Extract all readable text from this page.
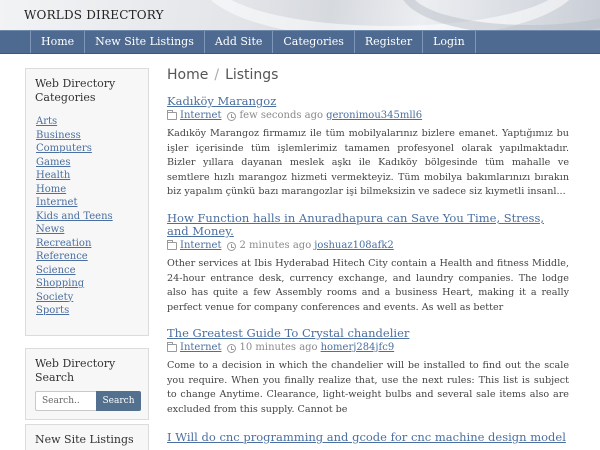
WORLDS DIRECTORY
Home	New Site Listings	Add Site	Categories	Register	Login
Web Directory Categories
Arts
Business
Computers
Games
Health
Home
Internet
Kids and Teens
News
Recreation
Reference
Science
Shopping
Society
Sports
Web Directory Search
Search..
Search
New Site Listings
Home / Listings
Kadıköy Marangoz
Internet few seconds ago geronimou345mll6
Kadıköy Marangoz firmamız ile tüm mobilyalarınız bizlere emanet. Yaptığımız bu işler içerisinde tüm işlemlerimiz tamamen profesyonel olarak yapılmaktadır. Bizler yıllara dayanan meslek aşkı ile Kadıköy bölgesinde tüm mahalle ve semtlere hızlı marangoz hizmeti vermekteyiz. Tüm mobilya bakımlarınızı bırakın biz yapalım çünkü bazı marangozlar işi bilmeksizin ve sadece siz kıymetli insanl...
How Function halls in Anuradhapura can Save You Time, Stress, and Money.
Internet 2 minutes ago joshuaz108afk2
Other services at Ibis Hyderabad Hitech City contain a Health and fitness Middle, 24-hour entrance desk, currency exchange, and laundry companies. The lodge also has quite a few Assembly rooms and a business Heart, making it a really perfect venue for company conferences and events. As well as better
The Greatest Guide To Crystal chandelier
Internet 10 minutes ago homerj284jfc9
Come to a decision in which the chandelier will be installed to find out the scale you require. When you finally realize that, use the next rules: This list is subject to change Anytime. Clearance, light-weight bulbs and several sale items also are excluded from this supply. Cannot be
I Will do cnc programming and gcode for cnc machine design model
